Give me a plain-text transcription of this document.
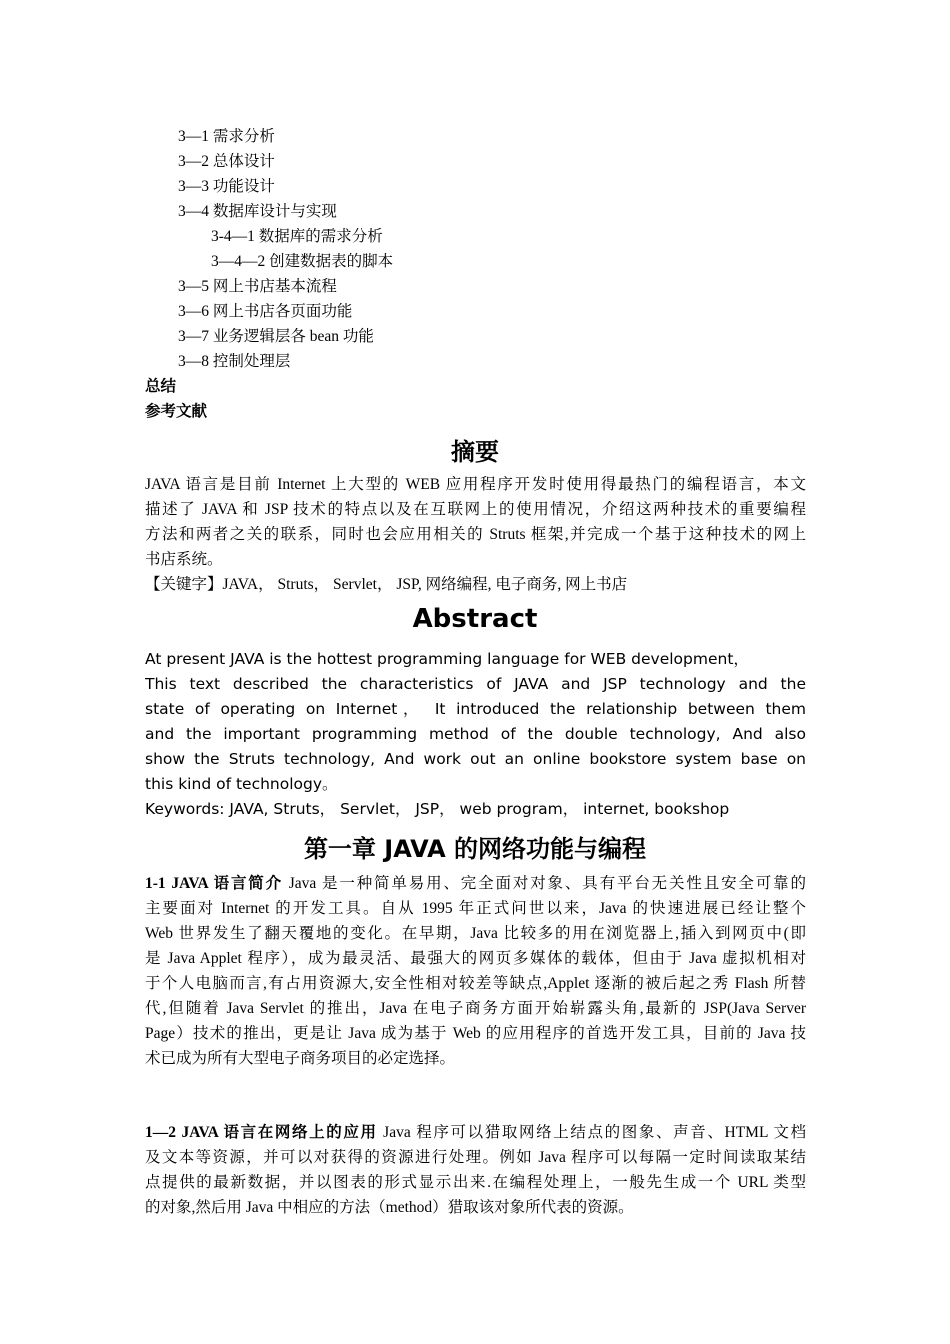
3—1 需求分析
3—2 总体设计
3—3 功能设计
3—4 数据库设计与实现
3-4—1 数据库的需求分析
3—4—2 创建数据表的脚本
3—5 网上书店基本流程
3—6 网上书店各页面功能
3—7 业务逻辑层各 bean 功能
3—8 控制处理层
总结
参考文献
摘要
JAVA 语言是目前 Internet 上大型的 WEB 应用程序开发时使用得最热门的编程语言，本文
描述了 JAVA 和 JSP 技术的特点以及在互联网上的使用情况，介绍这两种技术的重要编程
方法和两者之关的联系，同时也会应用相关的 Struts 框架,并完成一个基于这种技术的网上
书店系统。
【关键字】JAVA， Struts， Servlet， JSP, 网络编程, 电子商务, 网上书店
Abstract
At present JAVA is the hottest programming language for WEB development，
This text described the characteristics of JAVA and JSP technology and the
state of operating on Internet， It introduced the relationship between them
and the important programming method of the double technology, And also
show the Struts technology, And work out an online bookstore system base on
this kind of technology。
Keywords: JAVA, Struts， Servlet， JSP， web program， internet, bookshop
第一章 JAVA 的网络功能与编程
1-1 JAVA 语言简介 Java 是一种简单易用、完全面对对象、具有平台无关性且安全可靠的
主要面对 Internet 的开发工具。自从 1995 年正式问世以来，Java 的快速进展已经让整个
Web 世界发生了翻天覆地的变化。在早期，Java 比较多的用在浏览器上,插入到网页中(即
是 Java Applet 程序），成为最灵活、最强大的网页多媒体的载体，但由于 Java 虚拟机相对
于个人电脑而言,有占用资源大,安全性相对较差等缺点,Applet 逐渐的被后起之秀 Flash 所替
代,但随着 Java Servlet 的推出，Java 在电子商务方面开始崭露头角,最新的 JSP(Java Server
Page）技术的推出，更是让 Java 成为基于 Web 的应用程序的首选开发工具，目前的 Java 技
术已成为所有大型电子商务项目的必定选择。
1—2 JAVA 语言在网络上的应用 Java 程序可以猎取网络上结点的图象、声音、HTML 文档
及文本等资源，并可以对获得的资源进行处理。例如 Java 程序可以每隔一定时间读取某结
点提供的最新数据，并以图表的形式显示出来.在编程处理上，一般先生成一个 URL 类型
的对象,然后用 Java 中相应的方法（method）猎取该对象所代表的资源。
